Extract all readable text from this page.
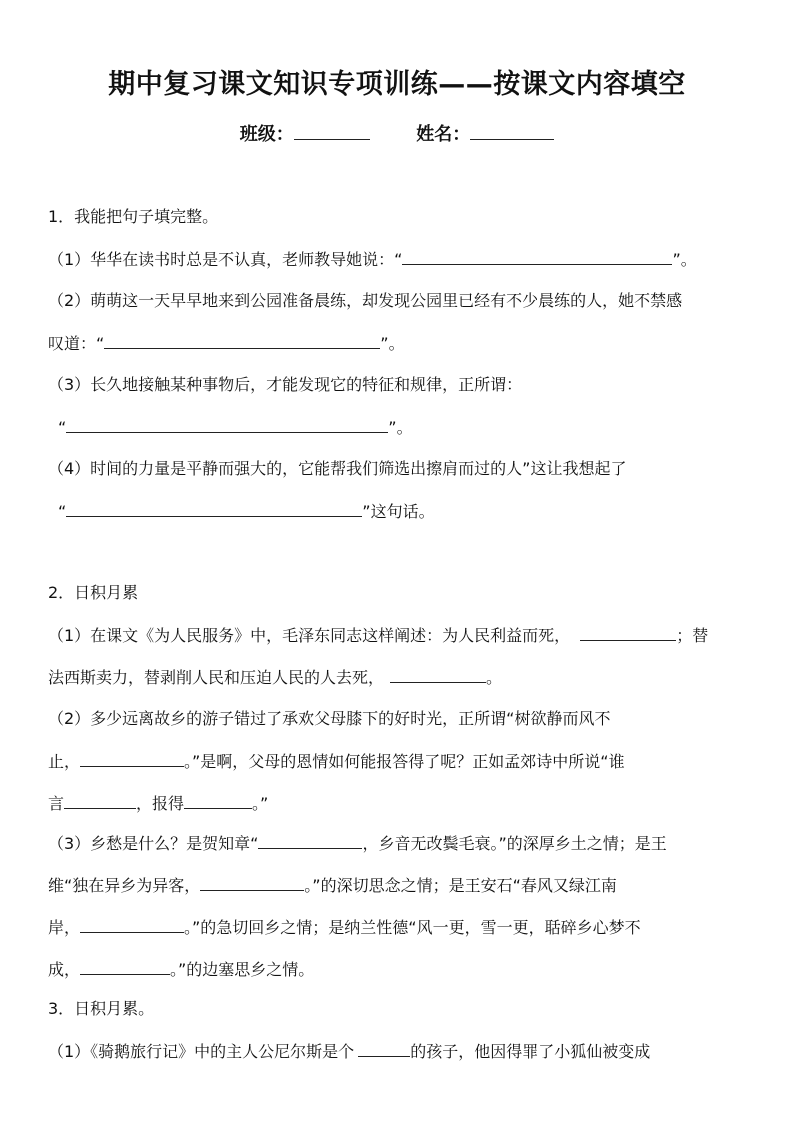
期中复习课文知识专项训练——按课文内容填空
班级：	姓名：
1．我能把句子填完整。
（1）华华在读书时总是不认真，老师教导她说：“	”。
（2）萌萌这一天早早地来到公园准备晨练，却发现公园里已经有不少晨练的人，她不禁感
叹道：“	”。
（3）长久地接触某种事物后，才能发现它的特征和规律，正所谓：
“	”。
（4）时间的力量是平静而强大的，它能帮我们筛选出擦肩而过的人”这让我想起了
“	”这句话。
2．日积月累
（1）在课文《为人民服务》中，毛泽东同志这样阐述：为人民利益而死，	；替
法西斯卖力，替剥削人民和压迫人民的人去死，	。
（2）多少远离故乡的游子错过了承欢父母膝下的好时光，正所谓“树欲静而风不
止，	。”是啊，父母的恩情如何能报答得了呢？正如孟郊诗中所说“谁
言	，报得	。”
（3）乡愁是什么？是贺知章“	，乡音无改鬓毛衰。”的深厚乡土之情；是王
维“独在异乡为异客，	。”的深切思念之情；是王安石“春风又绿江南
岸，	。”的急切回乡之情；是纳兰性德“风一更，雪一更，聒碎乡心梦不
成，	。”的边塞思乡之情。
3．日积月累。
（1）《骑鹅旅行记》中的主人公尼尔斯是个	的孩子，他因得罪了小狐仙被变成
